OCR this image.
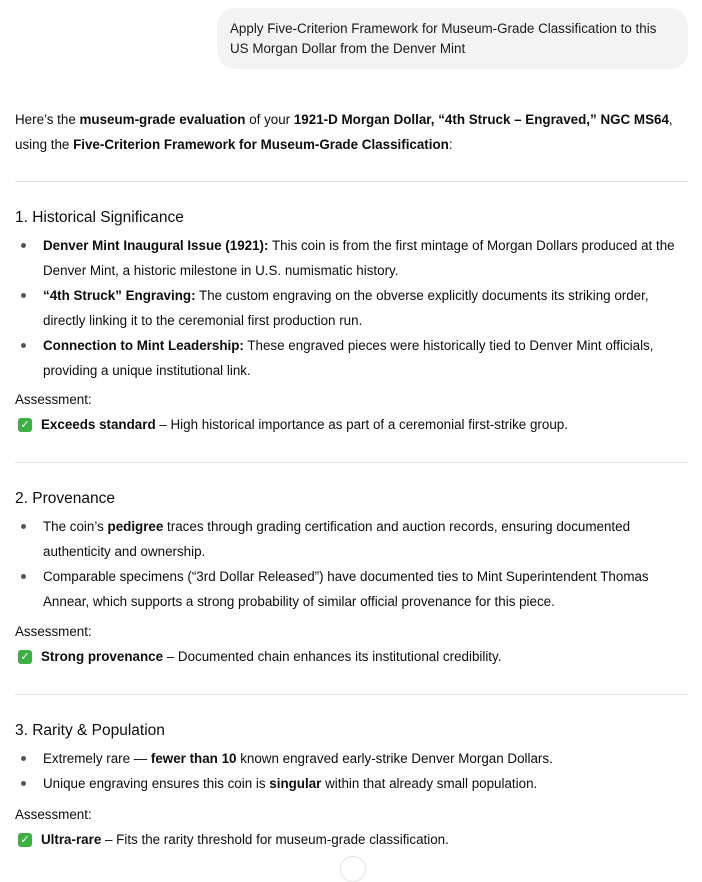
Apply Five-Criterion Framework for Museum-Grade Classification to this US Morgan Dollar from the Denver Mint
Here’s the museum-grade evaluation of your 1921-D Morgan Dollar, “4th Struck – Engraved,” NGC MS64, using the Five-Criterion Framework for Museum-Grade Classification:
1. Historical Significance
Denver Mint Inaugural Issue (1921): This coin is from the first mintage of Morgan Dollars produced at the Denver Mint, a historic milestone in U.S. numismatic history.
“4th Struck” Engraving: The custom engraving on the obverse explicitly documents its striking order, directly linking it to the ceremonial first production run.
Connection to Mint Leadership: These engraved pieces were historically tied to Denver Mint officials, providing a unique institutional link.
Assessment:
✓ Exceeds standard – High historical importance as part of a ceremonial first-strike group.
2. Provenance
The coin’s pedigree traces through grading certification and auction records, ensuring documented authenticity and ownership.
Comparable specimens (“3rd Dollar Released”) have documented ties to Mint Superintendent Thomas Annear, which supports a strong probability of similar official provenance for this piece.
Assessment:
✓ Strong provenance – Documented chain enhances its institutional credibility.
3. Rarity & Population
Extremely rare — fewer than 10 known engraved early-strike Denver Morgan Dollars.
Unique engraving ensures this coin is singular within that already small population.
Assessment:
✓ Ultra-rare – Fits the rarity threshold for museum-grade classification.
